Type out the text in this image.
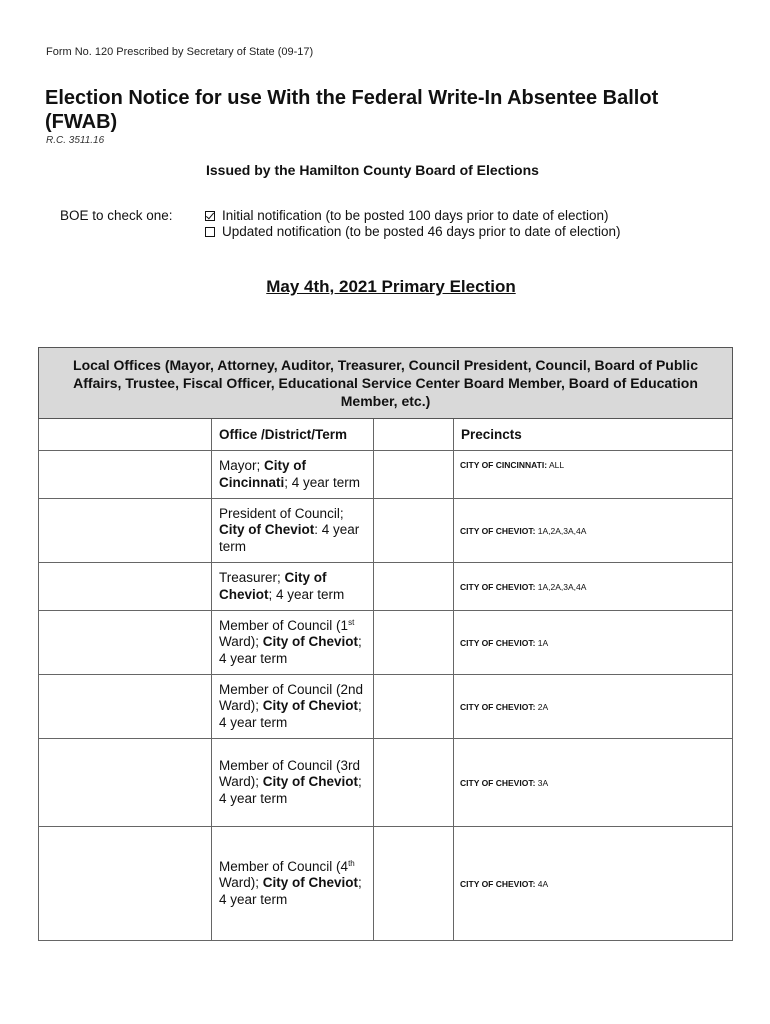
Form No. 120 Prescribed by Secretary of State (09-17)
Election Notice for use With the Federal Write-In Absentee Ballot (FWAB)
R.C. 3511.16
Issued by the Hamilton County Board of Elections
BOE to check one:	Initial notification (to be posted 100 days prior to date of election)
Updated notification (to be posted 46 days prior to date of election)
May 4th, 2021 Primary Election
Local Offices (Mayor, Attorney, Auditor, Treasurer, Council President, Council, Board of Public Affairs, Trustee, Fiscal Officer, Educational Service Center Board Member, Board of Education Member, etc.)			
	Office /District/Term		Precincts
	Mayor; City of Cincinnati; 4 year term		CITY OF CINCINNATI: ALL
	President of Council; City of Cheviot: 4 year term		CITY OF CHEVIOT: 1A,2A,3A,4A
	Treasurer; City of Cheviot; 4 year term		CITY OF CHEVIOT: 1A,2A,3A,4A
	Member of Council (1st Ward); City of Cheviot; 4 year term		CITY OF CHEVIOT: 1A
	Member of Council (2nd Ward); City of Cheviot; 4 year term		CITY OF CHEVIOT: 2A
	Member of Council (3rd Ward); City of Cheviot; 4 year term		CITY OF CHEVIOT: 3A
	Member of Council (4th Ward); City of Cheviot; 4 year term		CITY OF CHEVIOT: 4A
